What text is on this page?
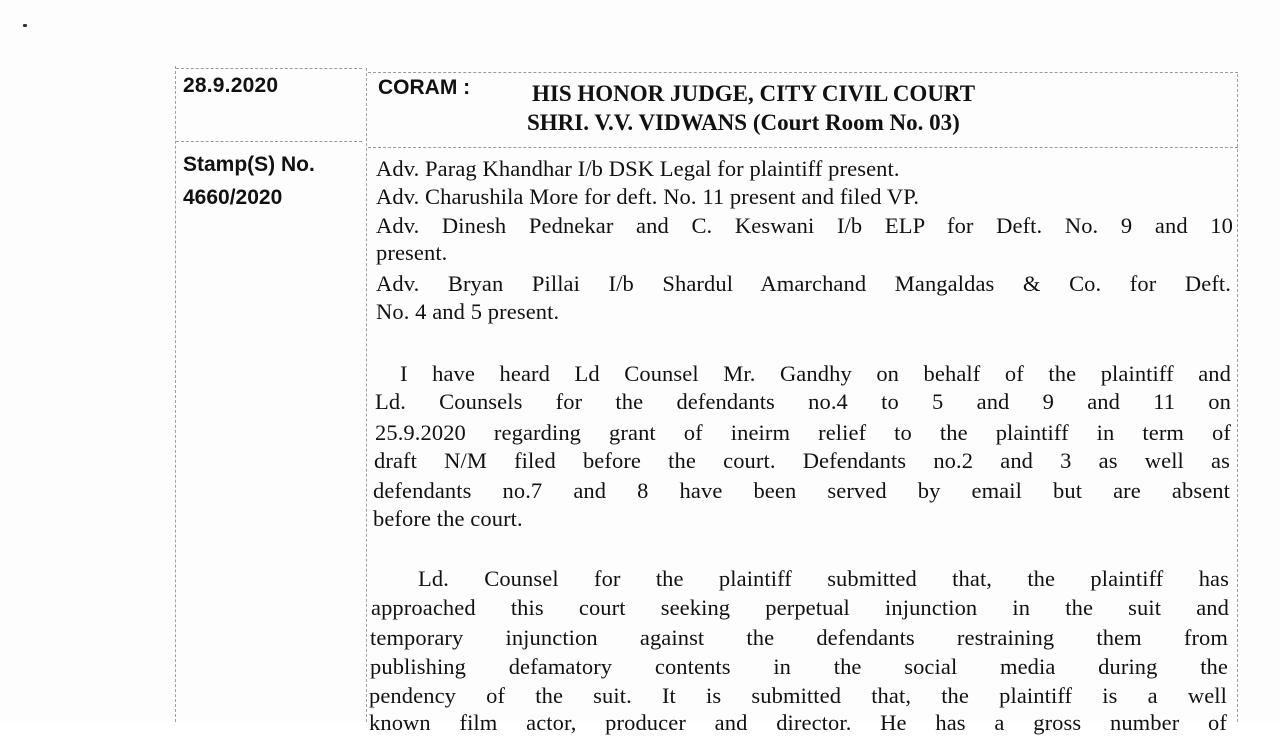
28.9.2020
Stamp(S) No.
4660/2020
CORAM :	HIS HONOR JUDGE, CITY CIVIL COURT
SHRI. V.V. VIDWANS (Court Room No. 03)
Adv. Parag Khandhar I/b DSK Legal for plaintiff present.
Adv. Charushila More for deft. No. 11 present and filed VP.
Adv. Dinesh Pednekar and C. Keswani I/b ELP for Deft. No. 9 and 10
present.
Adv. Bryan Pillai I/b Shardul Amarchand Mangaldas & Co. for Deft.
No. 4 and 5 present.
I have heard Ld Counsel Mr. Gandhy on behalf of the plaintiff and
Ld. Counsels for the defendants no.4 to 5 and 9 and 11 on
25.9.2020 regarding grant of ineirm relief to the plaintiff in term of
draft N/M filed before the court. Defendants no.2 and 3 as well as
defendants no.7 and 8 have been served by email but are absent
before the court.
Ld. Counsel for the plaintiff submitted that, the plaintiff has
approached this court seeking perpetual injunction in the suit and
temporary injunction against the defendants restraining them from
publishing defamatory contents in the social media during the
pendency of the suit. It is submitted that, the plaintiff is a well
known film actor, producer and director. He has a gross number of
